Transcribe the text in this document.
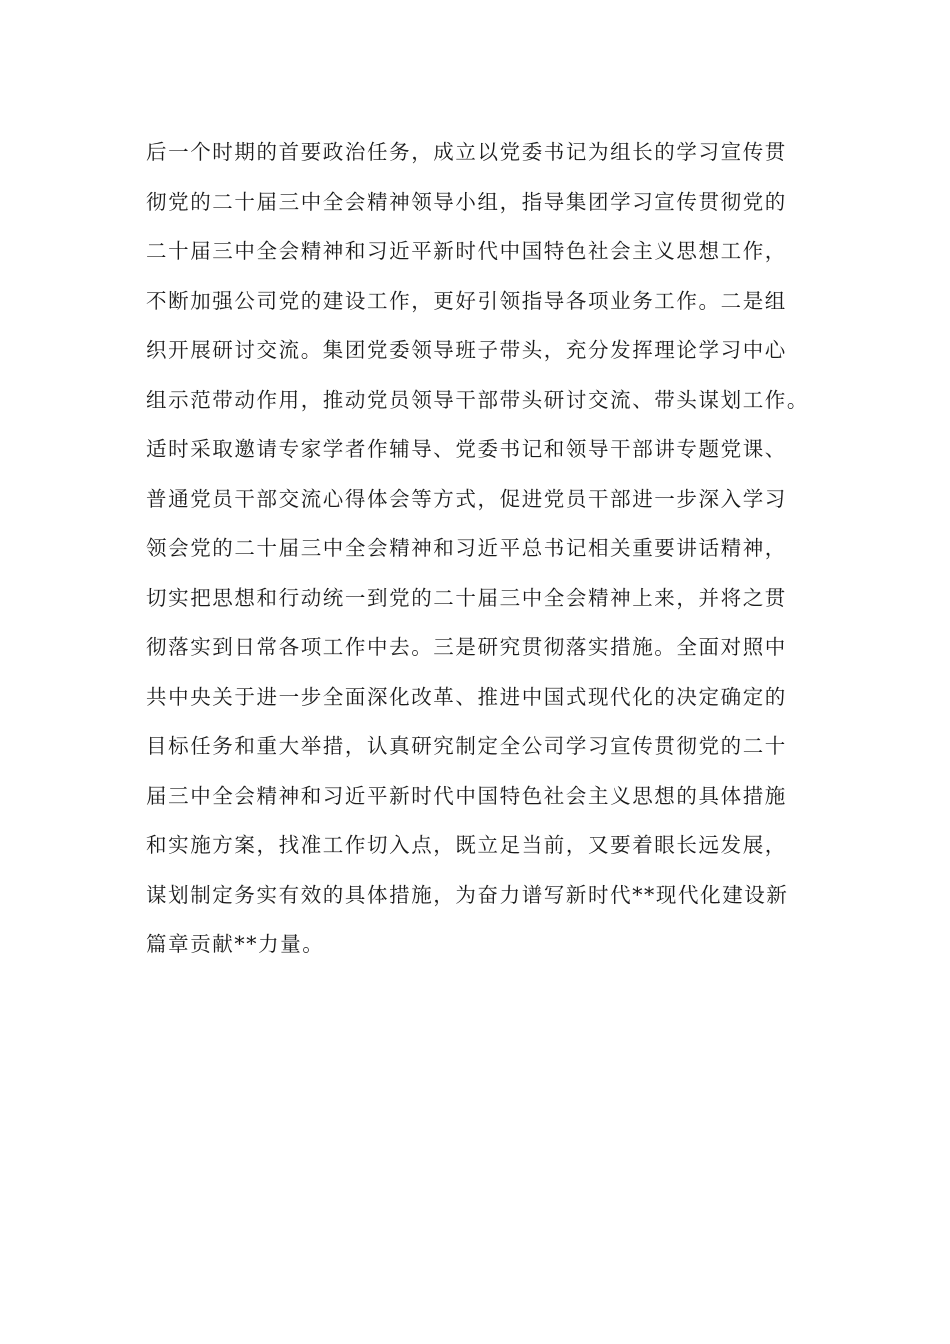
后一个时期的首要政治任务，成立以党委书记为组长的学习宣传贯
彻党的二十届三中全会精神领导小组，指导集团学习宣传贯彻党的
二十届三中全会精神和习近平新时代中国特色社会主义思想工作，
不断加强公司党的建设工作，更好引领指导各项业务工作。二是组
织开展研讨交流。集团党委领导班子带头，充分发挥理论学习中心
组示范带动作用，推动党员领导干部带头研讨交流、带头谋划工作。
适时采取邀请专家学者作辅导、党委书记和领导干部讲专题党课、
普通党员干部交流心得体会等方式，促进党员干部进一步深入学习
领会党的二十届三中全会精神和习近平总书记相关重要讲话精神，
切实把思想和行动统一到党的二十届三中全会精神上来，并将之贯
彻落实到日常各项工作中去。三是研究贯彻落实措施。全面对照中
共中央关于进一步全面深化改革、推进中国式现代化的决定确定的
目标任务和重大举措，认真研究制定全公司学习宣传贯彻党的二十
届三中全会精神和习近平新时代中国特色社会主义思想的具体措施
和实施方案，找准工作切入点，既立足当前，又要着眼长远发展，
谋划制定务实有效的具体措施，为奋力谱写新时代**现代化建设新
篇章贡献**力量。
